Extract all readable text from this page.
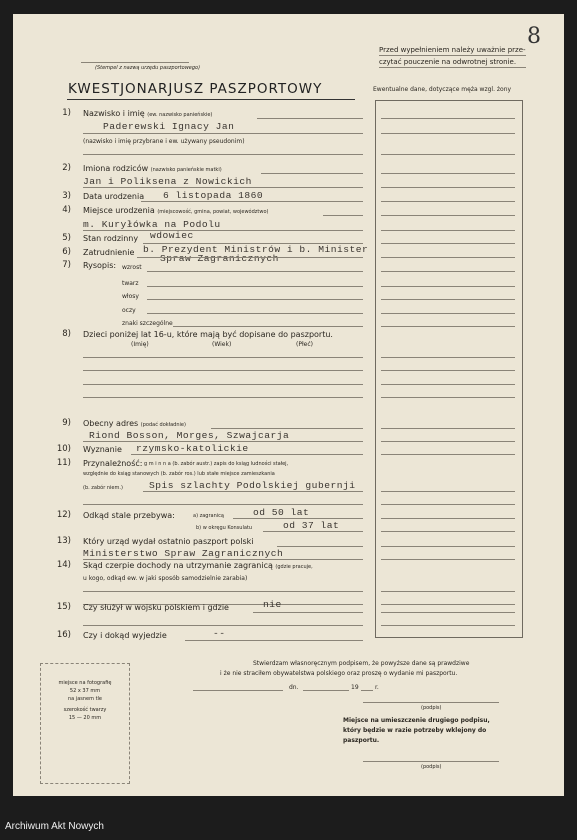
(Stempel z nazwą urzędu paszportowego)
Przed wypełnieniem należy uważnie prze-
czytać pouczenie na odwrotnej stronie.
8
KWESTJONARJUSZ PASZPORTOWY	Ewentualne dane, dotyczące męża wzgl. żony
1) Nazwisko i imię (ew. nazwisko panieńskie)
Paderewski Ignacy Jan
(nazwisko i imię przybrane i ew. używany pseudonim)
2) Imiona rodziców (nazwisko panieńskie matki)
Jan i Poliksena z Nowickich
3) Data urodzenia 6 listopada 1860
4) Miejsce urodzenia (miejscowość, gmina, powiat, województwo)
m. Kuryłówka na Podolu
5) Stan rodzinny wdowiec
6) Zatrudnienie b. Prezydent Ministrów i b. Minister
Spraw Zagranicznych
7) Rysopis: wzrost
twarz
włosy
oczy
znaki szczególne
8) Dzieci poniżej lat 16-u, które mają być dopisane do paszportu.
(Imię)	(Wiek)	(Płeć)
9) Obecny adres (podać dokładnie)
Riond Bosson, Morges, Szwajcarja
10) Wyznanie rzymsko-katolickie
11) Przynależność: g m i n n a (b. zabór austr.) zapis do ksiąg ludności stałej,
względnie do ksiąg stanowych (b. zabór ros.) lub stałe miejsce zamieszkania
(b. zabór niem.)	Spis szlachty Podolskiej gubernji
12) Odkąd stale przebywa:	a) zagranicą	od 50 lat
b) w okręgu Konsulatu	od 37 lat
13) Który urząd wydał ostatnio paszport polski
Ministerstwo Spraw Zagranicznych
14) Skąd czerpie dochody na utrzymanie zagranicą (gdzie pracuje,
u kogo, odkąd ew. w jaki sposób samodzielnie zarabia)
15) Czy służył w wojsku polskiem i gdzie	nie
16) Czy i dokąd wyjedzie	--
miejsce na fotografię
52 x 37 mm
na jasnem tle
szerokość twarzy
15 — 20 mm
Stwierdzam własnoręcznym podpisem, że powyższe dane są prawdziwe
i że nie straciłem obywatelstwa polskiego oraz proszę o wydanie mi paszportu.
dn.	19	r.
(podpis)
Miejsce na umieszczenie drugiego podpisu,
który będzie w razie potrzeby wklejony do
paszportu.
(podpis)
Archiwum Akt Nowych
